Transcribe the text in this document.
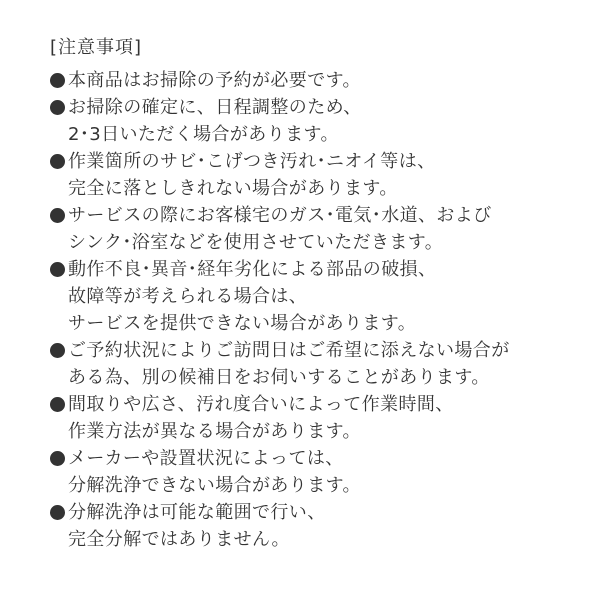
[注意事項]
本商品はお掃除の予約が必要です。
お掃除の確定に、日程調整のため、
2･3日いただく場合があります。
作業箇所のサビ･こげつき汚れ･ニオイ等は、
完全に落としきれない場合があります。
サービスの際にお客様宅のガス･電気･水道、および
シンク･浴室などを使用させていただきます。
動作不良･異音･経年劣化による部品の破損、
故障等が考えられる場合は、
サービスを提供できない場合があります。
ご予約状況によりご訪問日はご希望に添えない場合が
ある為、別の候補日をお伺いすることがあります。
間取りや広さ、汚れ度合いによって作業時間、
作業方法が異なる場合があります。
メーカーや設置状況によっては、
分解洗浄できない場合があります。
分解洗浄は可能な範囲で行い、
完全分解ではありません。
